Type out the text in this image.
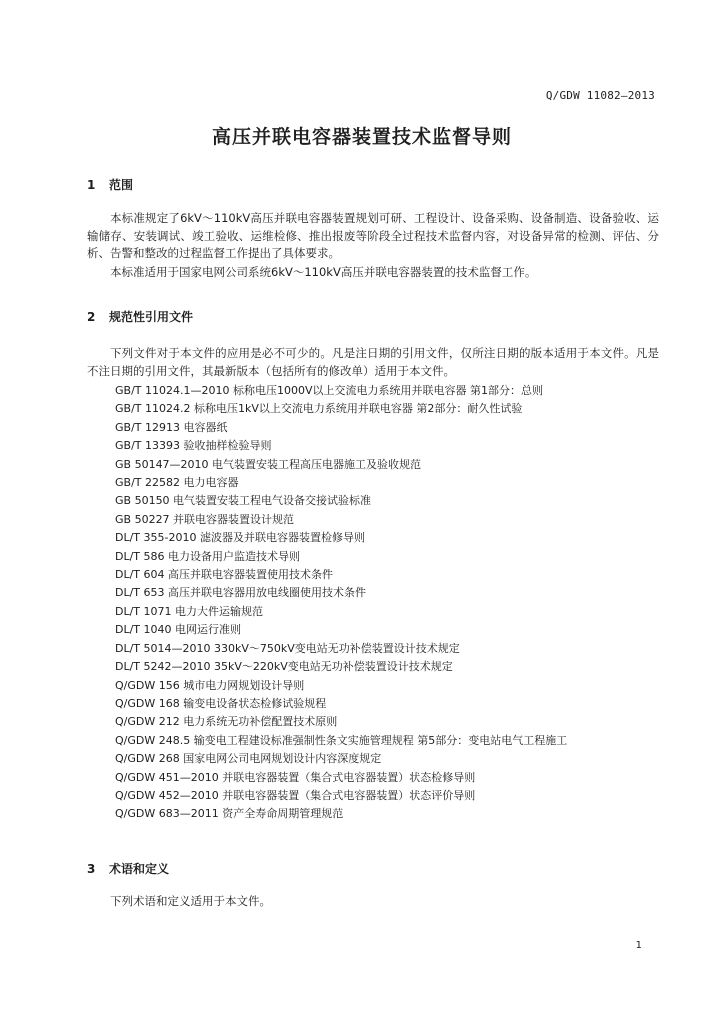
Q/GDW 11082—2013
高压并联电容器装置技术监督导则
1 范围
本标准规定了6kV～110kV高压并联电容器装置规划可研、工程设计、设备采购、设备制造、设备验收、运输储存、安装调试、竣工验收、运维检修、推出报废等阶段全过程技术监督内容，对设备异常的检测、评估、分析、告警和整改的过程监督工作提出了具体要求。
本标准适用于国家电网公司系统6kV～110kV高压并联电容器装置的技术监督工作。
2 规范性引用文件
下列文件对于本文件的应用是必不可少的。凡是注日期的引用文件，仅所注日期的版本适用于本文件。凡是不注日期的引用文件，其最新版本（包括所有的修改单）适用于本文件。
GB/T 11024.1—2010 标称电压1000V以上交流电力系统用并联电容器 第1部分：总则
GB/T 11024.2 标称电压1kV以上交流电力系统用并联电容器 第2部分：耐久性试验
GB/T 12913 电容器纸
GB/T 13393 验收抽样检验导则
GB 50147—2010 电气装置安装工程高压电器施工及验收规范
GB/T 22582 电力电容器
GB 50150 电气装置安装工程电气设备交接试验标准
GB 50227 并联电容器装置设计规范
DL/T 355-2010 滤波器及并联电容器装置检修导则
DL/T 586 电力设备用户监造技术导则
DL/T 604 高压并联电容器装置使用技术条件
DL/T 653 高压并联电容器用放电线圈使用技术条件
DL/T 1071 电力大件运输规范
DL/T 1040 电网运行准则
DL/T 5014—2010 330kV～750kV变电站无功补偿装置设计技术规定
DL/T 5242—2010 35kV～220kV变电站无功补偿装置设计技术规定
Q/GDW 156 城市电力网规划设计导则
Q/GDW 168 输变电设备状态检修试验规程
Q/GDW 212 电力系统无功补偿配置技术原则
Q/GDW 248.5 输变电工程建设标准强制性条文实施管理规程 第5部分：变电站电气工程施工
Q/GDW 268 国家电网公司电网规划设计内容深度规定
Q/GDW 451—2010 并联电容器装置（集合式电容器装置）状态检修导则
Q/GDW 452—2010 并联电容器装置（集合式电容器装置）状态评价导则
Q/GDW 683—2011 资产全寿命周期管理规范
3 术语和定义
下列术语和定义适用于本文件。
1
